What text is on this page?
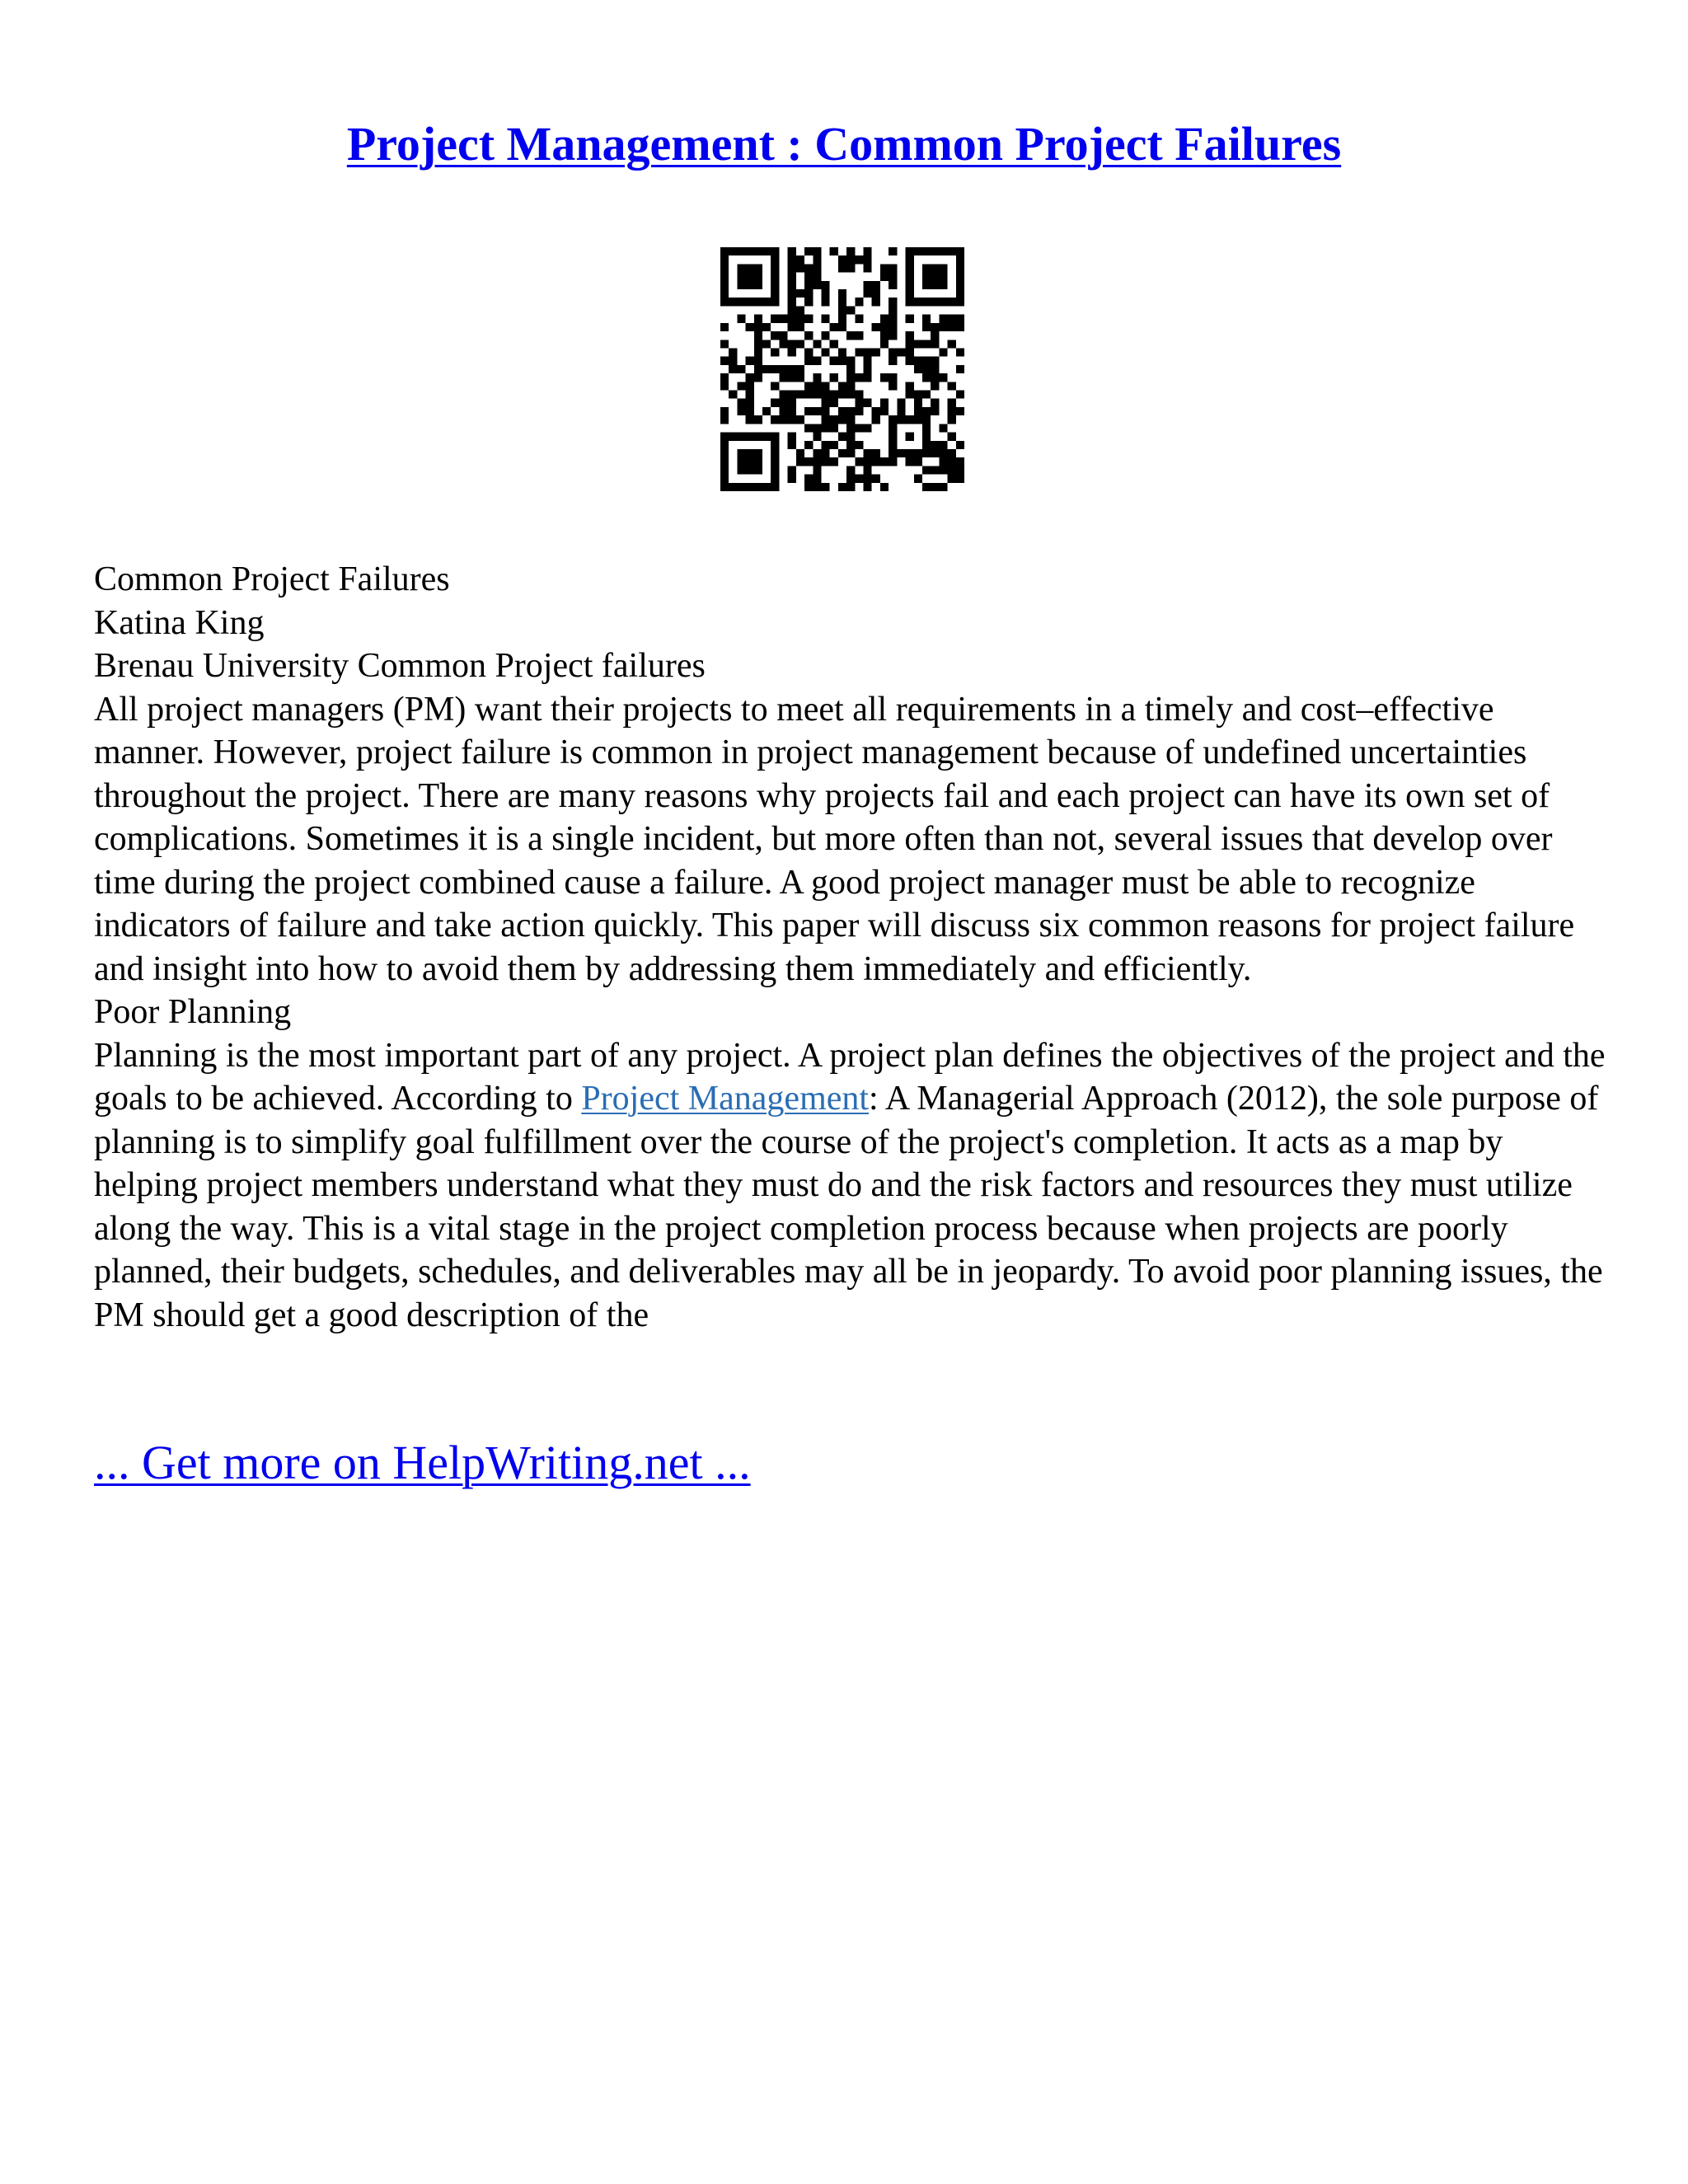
Project Management : Common Project Failures

Common Project Failures

Katina King

Brenau University Common Project failures

All project managers (PM) want their projects to meet all requirements in a timely and cost–effective manner. However, project failure is common in project management because of undefined uncertainties throughout the project. There are many reasons why projects fail and each project can have its own set of complications. Sometimes it is a single incident, but more often than not, several issues that develop over time during the project combined cause a failure. A good project manager must be able to recognize indicators of failure and take action quickly. This paper will discuss six common reasons for project failure and insight into how to avoid them by addressing them immediately and efficiently.

Poor Planning

Planning is the most important part of any project. A project plan defines the objectives of the project and the goals to be achieved. According to Project Management: A Managerial Approach (2012), the sole purpose of planning is to simplify goal fulfillment over the course of the project's completion. It acts as a map by helping project members understand what they must do and the risk factors and resources they must utilize along the way. This is a vital stage in the project completion process because when projects are poorly planned, their budgets, schedules, and deliverables may all be in jeopardy. To avoid poor planning issues, the PM should get a good description of the

... Get more on HelpWriting.net ...
